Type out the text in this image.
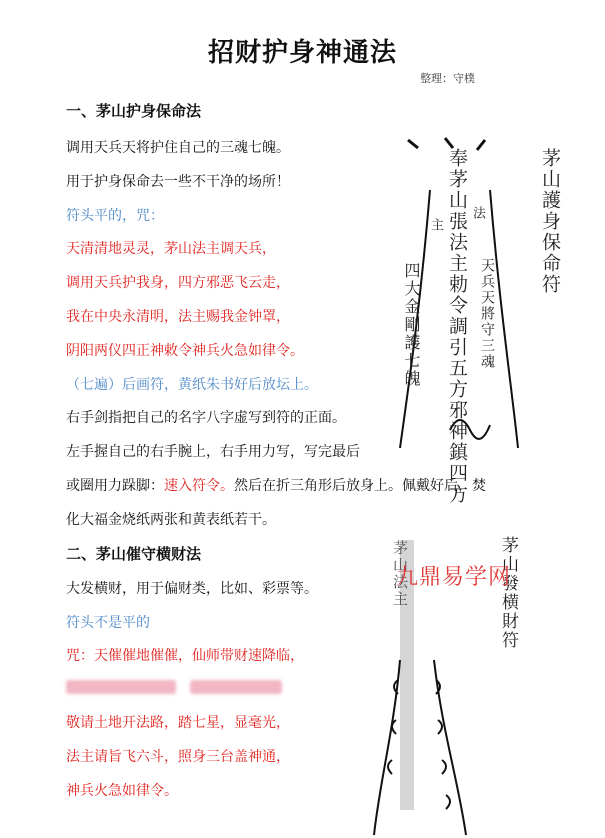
招财护身神通法
整理：守樸
一、茅山护身保命法
调用天兵天将护住自己的三魂七魄。
用于护身保命去一些不干净的场所！
符头平的，咒：
天清清地灵灵，茅山法主调天兵，
调用天兵护我身，四方邪恶飞云走，
我在中央永清明，法主赐我金钟罩，
阴阳两仪四正神敕令神兵火急如律令。
（七遍）后画符，黄纸朱书好后放坛上。
右手剑指把自己的名字八字虚写到符的正面。
左手握自己的右手腕上，右手用力写，写完最后
或圈用力跺脚：速入符令。然后在折三角形后放身上。佩戴好后，焚
化大福金烧纸两张和黄表纸若干。
奉茅山張法主勅令調引五方邪神鎮四方
四大金剛護七魄	天兵天將守三魂
主
法	茅山護身保命符
二、茅山催守横财法
大发横财，用于偏财类，比如、彩票等。
符头不是平的
咒：天催催地催催，仙师带财速降临，
敬请土地开法路，踏七星，显毫光，
法主请旨飞六斗，照身三台盖神通，
神兵火急如律令。
茅山法主	茅山發横財符
九鼎易学网
